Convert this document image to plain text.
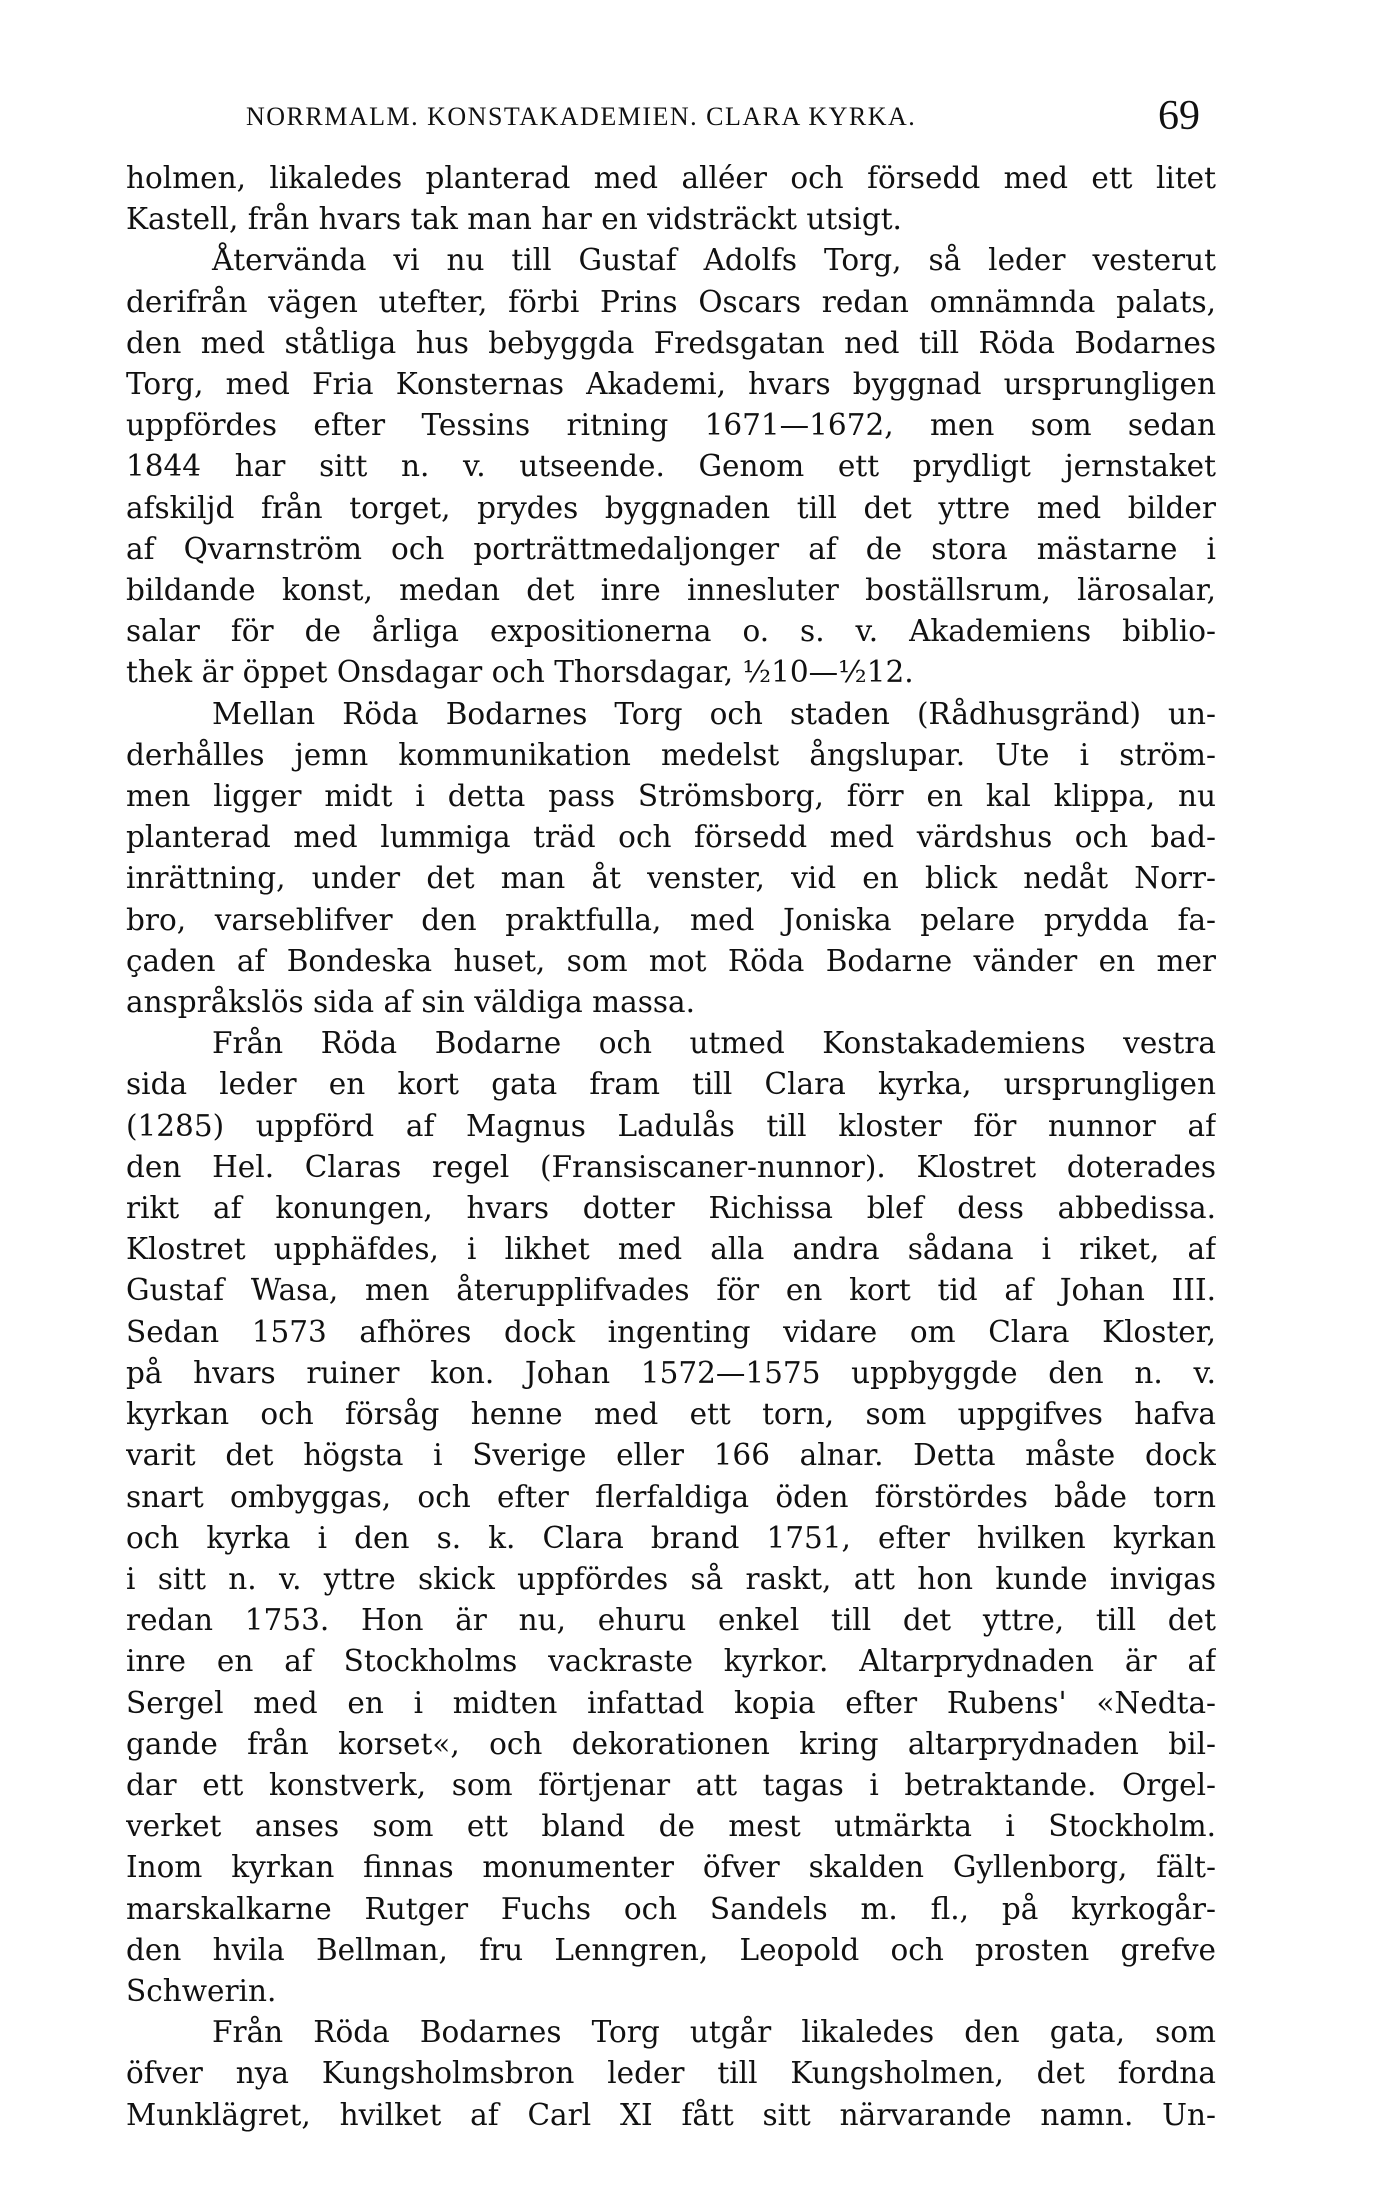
NORRMALM. KONSTAKADEMIEN. CLARA KYRKA.	69
holmen, likaledes planterad med alléer och försedd med ett litet
Kastell, från hvars tak man har en vidsträckt utsigt.
Återvända vi nu till Gustaf Adolfs Torg, så leder vesterut
derifrån vägen utefter, förbi Prins Oscars redan omnämnda palats,
den med ståtliga hus bebyggda Fredsgatan ned till Röda Bodarnes
Torg, med Fria Konsternas Akademi, hvars byggnad ursprungligen
uppfördes efter Tessins ritning 1671—1672, men som sedan
1844 har sitt n. v. utseende. Genom ett prydligt jernstaket
afskiljd från torget, prydes byggnaden till det yttre med bilder
af Qvarnström och porträttmedaljonger af de stora mästarne i
bildande konst, medan det inre innesluter boställsrum, lärosalar,
salar för de årliga expositionerna o. s. v. Akademiens biblio-
thek är öppet Onsdagar och Thorsdagar, ½10—½12.
Mellan Röda Bodarnes Torg och staden (Rådhusgränd) un-
derhålles jemn kommunikation medelst ångslupar. Ute i ström-
men ligger midt i detta pass Strömsborg, förr en kal klippa, nu
planterad med lummiga träd och försedd med värdshus och bad-
inrättning, under det man åt venster, vid en blick nedåt Norr-
bro, varseblifver den praktfulla, med Joniska pelare prydda fa-
çaden af Bondeska huset, som mot Röda Bodarne vänder en mer
anspråkslös sida af sin väldiga massa.
Från Röda Bodarne och utmed Konstakademiens vestra
sida leder en kort gata fram till Clara kyrka, ursprungligen
(1285) uppförd af Magnus Ladulås till kloster för nunnor af
den Hel. Claras regel (Fransiscaner-nunnor). Klostret doterades
rikt af konungen, hvars dotter Richissa blef dess abbedissa.
Klostret upphäfdes, i likhet med alla andra sådana i riket, af
Gustaf Wasa, men återupplifvades för en kort tid af Johan III.
Sedan 1573 afhöres dock ingenting vidare om Clara Kloster,
på hvars ruiner kon. Johan 1572—1575 uppbyggde den n. v.
kyrkan och försåg henne med ett torn, som uppgifves hafva
varit det högsta i Sverige eller 166 alnar. Detta måste dock
snart ombyggas, och efter flerfaldiga öden förstördes både torn
och kyrka i den s. k. Clara brand 1751, efter hvilken kyrkan
i sitt n. v. yttre skick uppfördes så raskt, att hon kunde invigas
redan 1753. Hon är nu, ehuru enkel till det yttre, till det
inre en af Stockholms vackraste kyrkor. Altarprydnaden är af
Sergel med en i midten infattad kopia efter Rubens' «Nedta-
gande från korset«, och dekorationen kring altarprydnaden bil-
dar ett konstverk, som förtjenar att tagas i betraktande. Orgel-
verket anses som ett bland de mest utmärkta i Stockholm.
Inom kyrkan finnas monumenter öfver skalden Gyllenborg, fält-
marskalkarne Rutger Fuchs och Sandels m. fl., på kyrkogår-
den hvila Bellman, fru Lenngren, Leopold och prosten grefve
Schwerin.
Från Röda Bodarnes Torg utgår likaledes den gata, som
öfver nya Kungsholmsbron leder till Kungsholmen, det fordna
Munklägret, hvilket af Carl XI fått sitt närvarande namn. Un-
